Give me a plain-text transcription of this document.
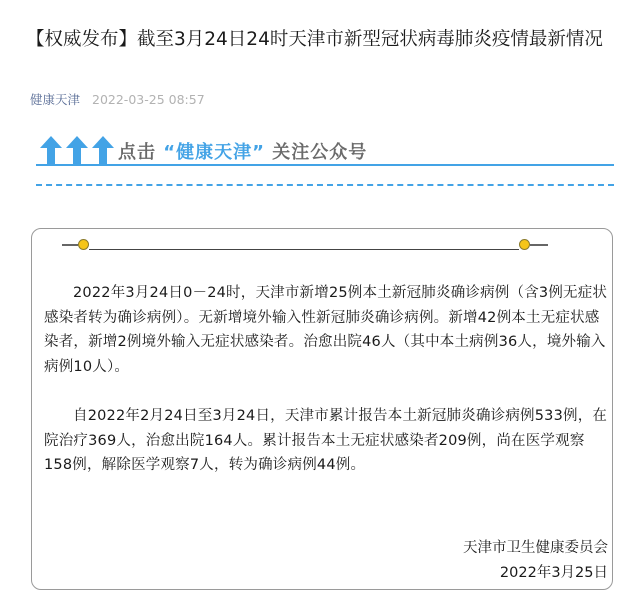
【权威发布】截至3月24日24时天津市新型冠状病毒肺炎疫情最新情况
健康天津 2022-03-25 08:57
点击 “健康天津” 关注公众号

2022年3月24日0－24时，天津市新增25例本土新冠肺炎确诊病例（含3例无症状感染者转为确诊病例）。无新增境外输入性新冠肺炎确诊病例。新增42例本土无症状感染者，新增2例境外输入无症状感染者。治愈出院46人（其中本土病例36人，境外输入病例10人）。

自2022年2月24日至3月24日，天津市累计报告本土新冠肺炎确诊病例533例，在院治疗369人，治愈出院164人。累计报告本土无症状感染者209例，尚在医学观察158例，解除医学观察7人，转为确诊病例44例。

天津市卫生健康委员会
2022年3月25日
